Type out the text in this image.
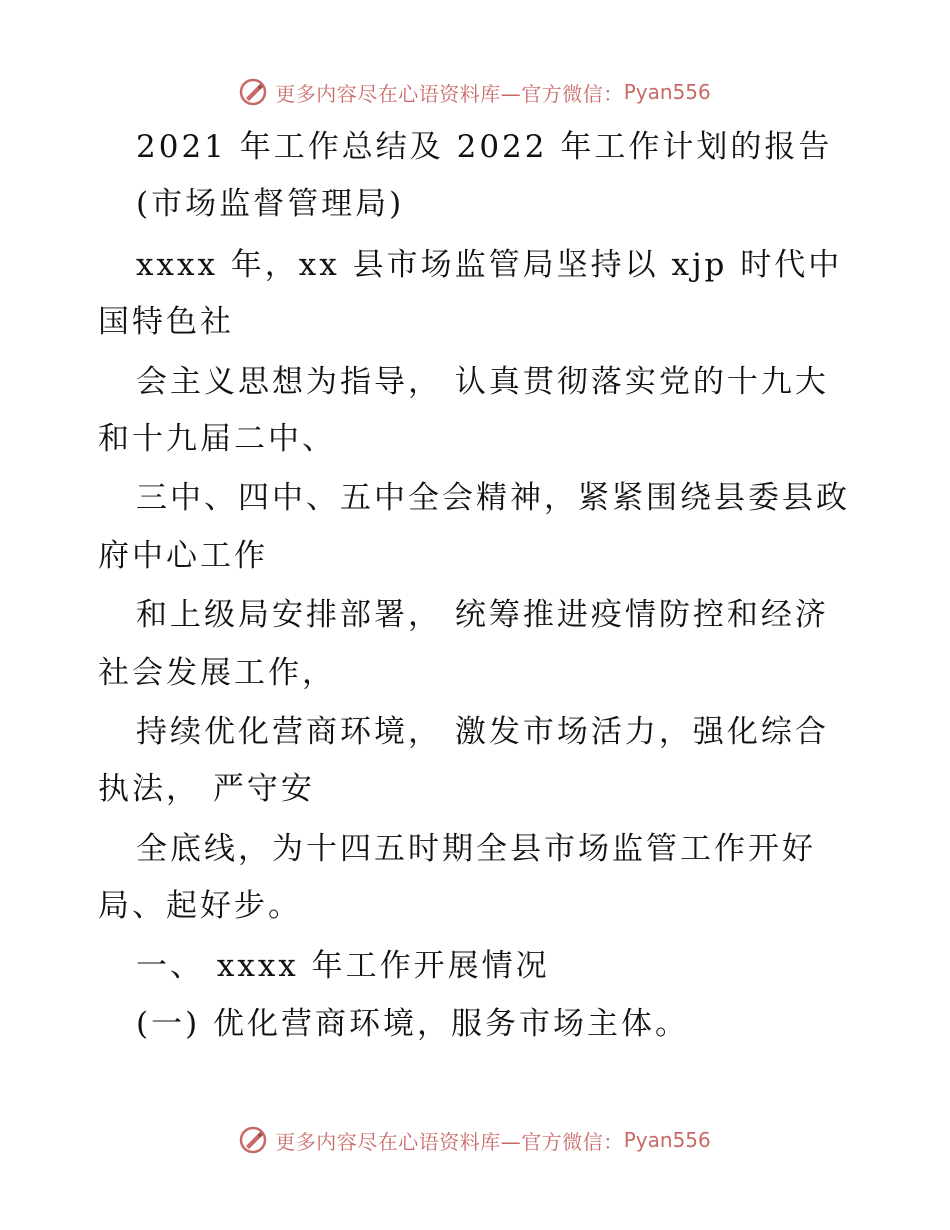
更多内容尽在心语资料库—官方微信： Pyan556
2021 年工作总结及 2022 年工作计划的报告
(市场监督管理局)
xxxx 年，xx 县市场监管局坚持以 xjp 时代中
国特色社
会主义思想为指导， 认真贯彻落实党的十九大
和十九届二中、
三中、四中、五中全会精神，紧紧围绕县委县政
府中心工作
和上级局安排部署， 统筹推进疫情防控和经济
社会发展工作，
持续优化营商环境， 激发市场活力，强化综合
执法， 严守安
全底线，为十四五时期全县市场监管工作开好
局、起好步。
一、 xxxx 年工作开展情况
(一) 优化营商环境，服务市场主体。
更多内容尽在心语资料库—官方微信： Pyan556
